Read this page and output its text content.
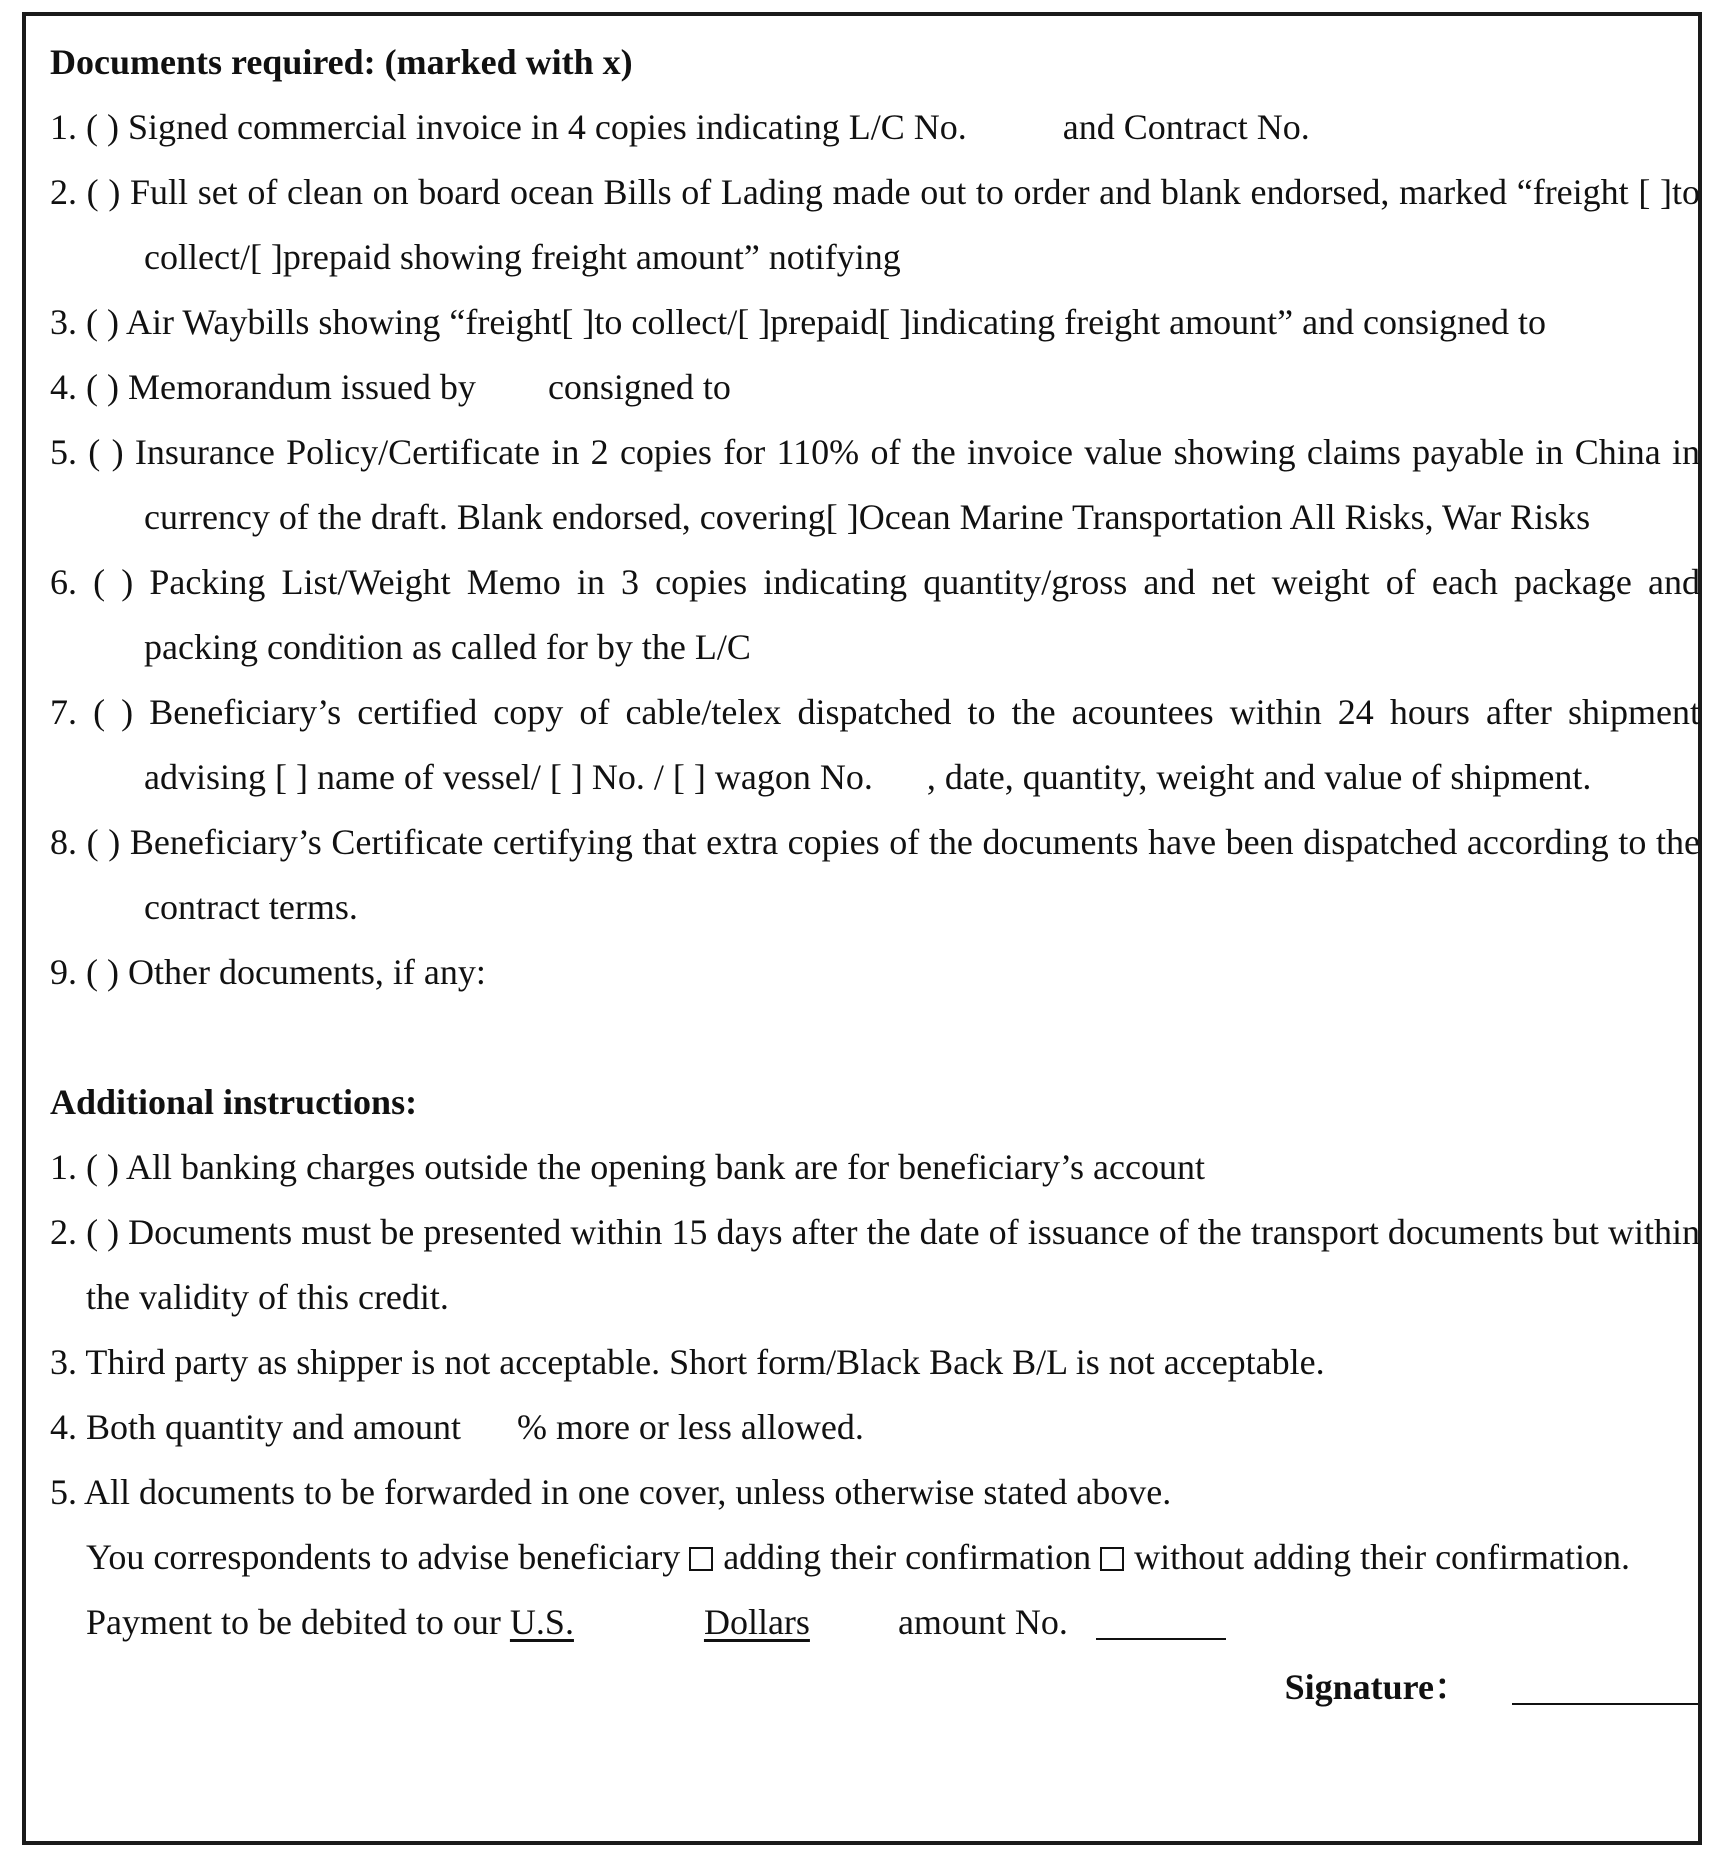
Documents required: (marked with x)

1. ( ) Signed commercial invoice in 4 copies indicating L/C No.	and Contract No.

2. ( ) Full set of clean on board ocean Bills of Lading made out to order and blank endorsed, marked “freight [ ]to collect/[ ]prepaid showing freight amount” notifying

3. ( ) Air Waybills showing “freight[ ]to collect/[ ]prepaid[ ]indicating freight amount” and consigned to

4. ( ) Memorandum issued by consigned to

5. ( ) Insurance Policy/Certificate in 2 copies for 110% of the invoice value showing claims payable in China in currency of the draft. Blank endorsed, covering[ ]Ocean Marine Transportation All Risks, War Risks

6. ( ) Packing List/Weight Memo in 3 copies indicating quantity/gross and net weight of each package and packing condition as called for by the L/C

7. ( ) Beneficiary’s certified copy of cable/telex dispatched to the acountees within 24 hours after shipment advising [ ] name of vessel/ [ ] No. / [ ] wagon No. , date, quantity, weight and value of shipment.

8. ( ) Beneficiary’s Certificate certifying that extra copies of the documents have been dispatched according to the contract terms.

9. ( ) Other documents, if any:

Additional instructions:

1. ( ) All banking charges outside the opening bank are for beneficiary’s account

2. ( ) Documents must be presented within 15 days after the date of issuance of the transport documents but within the validity of this credit.

3. Third party as shipper is not acceptable. Short form/Black Back B/L is not acceptable.

4. Both quantity and amount % more or less allowed.

5. All documents to be forwarded in one cover, unless otherwise stated above.

You correspondents to advise beneficiary adding their confirmation without adding their confirmation.

Payment to be debited to our U.S.	Dollars amount No.

Signature：
